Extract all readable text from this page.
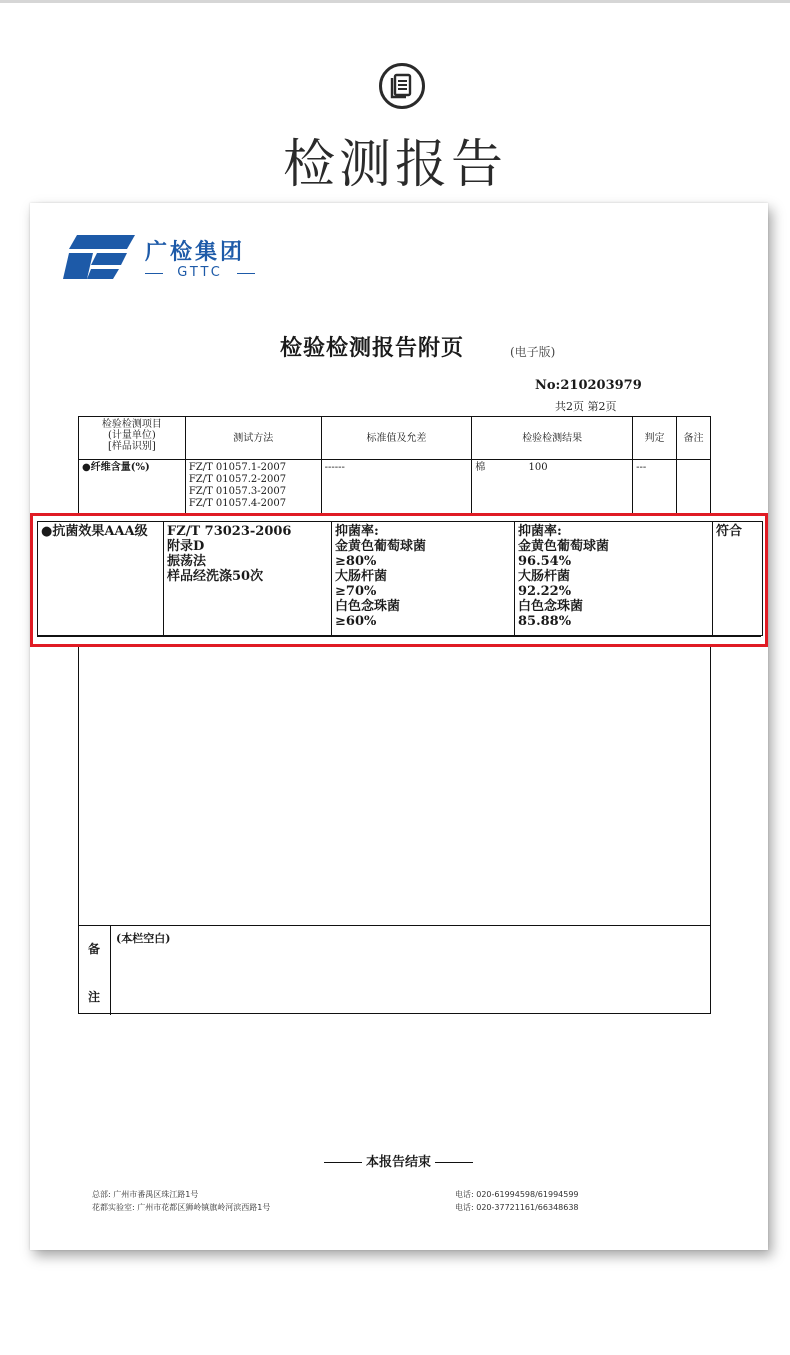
检测报告
广检集团
GTTC
检验检测报告附页	(电子版)
No:210203979
共2页 第2页
检验检测项目
(计量单位)
[样品识别]	测试方法	标准值及允差	检验检测结果	判定	备注
●纤维含量(%)	FZ/T 01057.1-2007
FZ/T 01057.2-2007
FZ/T 01057.3-2007
FZ/T 01057.4-2007	------	棉 100	---	
备
注
(本栏空白)
本报告结束
总部: 广州市番禺区珠江路1号
花都实验室: 广州市花都区狮岭镇旗岭河滨西路1号
电话: 020-61994598/61994599
电话: 020-37721161/66348638
●抗菌效果AAA级	FZ/T 73023-2006
附录D
振荡法
样品经洗涤50次	抑菌率:
金黄色葡萄球菌
≥80%
大肠杆菌
≥70%
白色念珠菌
≥60%	抑菌率:
金黄色葡萄球菌
96.54%
大肠杆菌
92.22%
白色念珠菌
85.88%	符合
